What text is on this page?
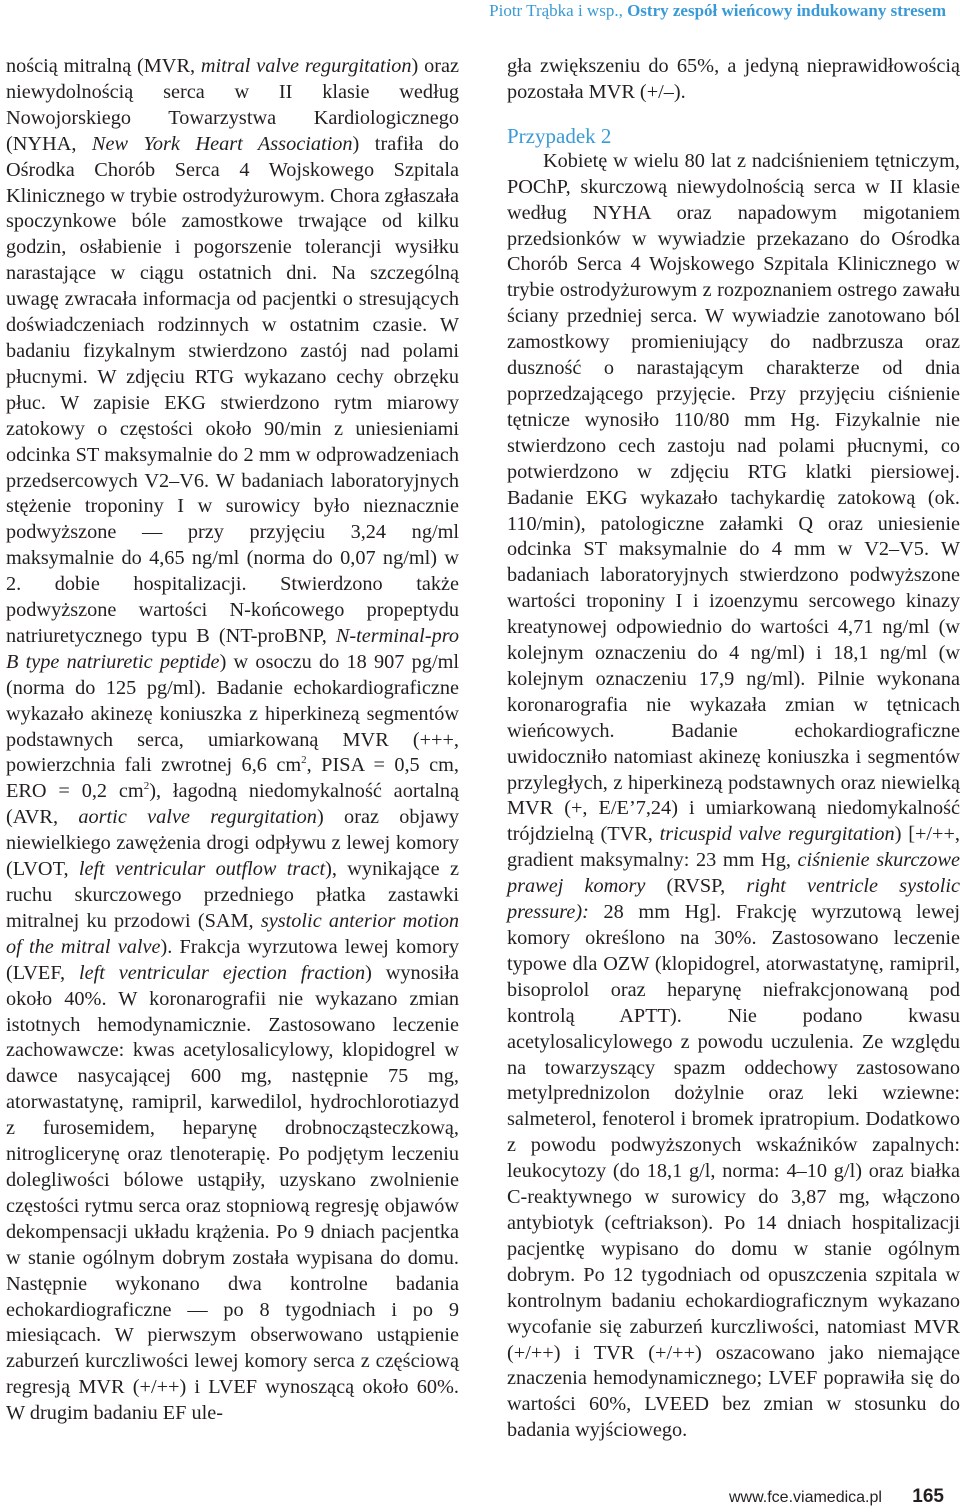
Piotr Trąbka i wsp., Ostry zespół wieńcowy indukowany stresem

nością mitralną (MVR, mitral valve regurgitation) oraz niewydolnością serca w II klasie według Nowojorskiego Towarzystwa Kardiologicznego (NYHA, New York Heart Association) trafiła do Ośrodka Chorób Serca 4 Wojskowego Szpitala Klinicznego w trybie ostrodyżurowym. Chora zgłaszała spoczynkowe bóle zamostkowe trwające od kilku godzin, osłabienie i pogorszenie tolerancji wysiłku narastające w ciągu ostatnich dni. Na szczególną uwagę zwracała informacja od pacjentki o stresujących doświadczeniach rodzinnych w ostatnim czasie. W badaniu fizykalnym stwierdzono zastój nad polami płucnymi. W zdjęciu RTG wykazano cechy obrzęku płuc. W zapisie EKG stwierdzono rytm miarowy zatokowy o częstości około 90/min z uniesieniami odcinka ST maksymalnie do 2 mm w odprowadzeniach przedsercowych V2–V6. W badaniach laboratoryjnych stężenie troponiny I w surowicy było nieznacznie podwyższone — przy przyjęciu 3,24 ng/ml maksymalnie do 4,65 ng/ml (norma do 0,07 ng/ml) w 2. dobie hospitalizacji. Stwierdzono także podwyższone wartości N-końcowego propeptydu natriuretycznego typu B (NT-proBNP, N-terminal-pro B type natriuretic peptide) w osoczu do 18 907 pg/ml (norma do 125 pg/ml). Badanie echokardiograficzne wykazało akinezę koniuszka z hiperkinezą segmentów podstawnych serca, umiarkowaną MVR (+++, powierzchnia fali zwrotnej 6,6 $cm^2$, PISA = 0,5 cm, ERO = 0,2 $cm^2$), łagodną niedomykalność aortalną (AVR, aortic valve regurgitation) oraz objawy niewielkiego zawężenia drogi odpływu z lewej komory (LVOT, left ventricular outflow tract), wynikające z ruchu skurczowego przedniego płatka zastawki mitralnej ku przodowi (SAM, systolic anterior motion of the mitral valve). Frakcja wyrzutowa lewej komory (LVEF, left ventricular ejection fraction) wynosiła około 40%. W koronarografii nie wykazano zmian istotnych hemodynamicznie. Zastosowano leczenie zachowawcze: kwas acetylosalicylowy, klopidogrel w dawce nasycającej 600 mg, następnie 75 mg, atorwastatynę, ramipril, karwedilol, hydrochlorotiazyd z furosemidem, heparynę drobnocząsteczkową, nitroglicerynę oraz tlenoterapię. Po podjętym leczeniu dolegliwości bólowe ustąpiły, uzyskano zwolnienie częstości rytmu serca oraz stopniową regresję objawów dekompensacji układu krążenia. Po 9 dniach pacjentka w stanie ogólnym dobrym została wypisana do domu. Następnie wykonano dwa kontrolne badania echokardiograficzne — po 8 tygodniach i po 9 miesiącach. W pierwszym obserwowano ustąpienie zaburzeń kurczliwości lewej komory serca z częściową regresją MVR (+/++) i LVEF wynoszącą około 60%. W drugim badaniu EF ule-

gła zwiększeniu do 65%, a jedyną nieprawidłowością pozostała MVR (+/–).

Przypadek 2

Kobietę w wielu 80 lat z nadciśnieniem tętniczym, POChP, skurczową niewydolnością serca w II klasie według NYHA oraz napadowym migotaniem przedsionków w wywiadzie przekazano do Ośrodka Chorób Serca 4 Wojskowego Szpitala Klinicznego w trybie ostrodyżurowym z rozpoznaniem ostrego zawału ściany przedniej serca. W wywiadzie zanotowano ból zamostkowy promieniujący do nadbrzusza oraz duszność o narastającym charakterze od dnia poprzedzającego przyjęcie. Przy przyjęciu ciśnienie tętnicze wynosiło 110/80 mm Hg. Fizykalnie nie stwierdzono cech zastoju nad polami płucnymi, co potwierdzono w zdjęciu RTG klatki piersiowej. Badanie EKG wykazało tachykardię zatokową (ok. 110/min), patologiczne załamki Q oraz uniesienie odcinka ST maksymalnie do 4 mm w V2–V5. W badaniach laboratoryjnych stwierdzono podwyższone wartości troponiny I i izoenzymu sercowego kinazy kreatynowej odpowiednio do wartości 4,71 ng/ml (w kolejnym oznaczeniu do 4 ng/ml) i 18,1 ng/ml (w kolejnym oznaczeniu 17,9 ng/ml). Pilnie wykonana koronarografia nie wykazała zmian w tętnicach wieńcowych. Badanie echokardiograficzne uwidoczniło natomiast akinezę koniuszka i segmentów przyległych, z hiperkinezą podstawnych oraz niewielką MVR (+, E/E’7,24) i umiarkowaną niedomykalność trójdzielną (TVR, tricuspid valve regurgitation) [+/++, gradient maksymalny: 23 mm Hg, ciśnienie skurczowe prawej komory (RVSP, right ventricle systolic pressure): 28 mm Hg]. Frakcję wyrzutową lewej komory określono na 30%. Zastosowano leczenie typowe dla OZW (klopidogrel, atorwastatynę, ramipril, bisoprolol oraz heparynę niefrakcjonowaną pod kontrolą APTT). Nie podano kwasu acetylosalicylowego z powodu uczulenia. Ze względu na towarzyszący spazm oddechowy zastosowano metylprednizolon dożylnie oraz leki wziewne: salmeterol, fenoterol i bromek ipratropium. Dodatkowo z powodu podwyższonych wskaźników zapalnych: leukocytozy (do 18,1 g/l, norma: 4–10 g/l) oraz białka C-reaktywnego w surowicy do 3,87 mg, włączono antybiotyk (ceftriakson). Po 14 dniach hospitalizacji pacjentkę wypisano do domu w stanie ogólnym dobrym. Po 12 tygodniach od opuszczenia szpitala w kontrolnym badaniu echokardiograficznym wykazano wycofanie się zaburzeń kurczliwości, natomiast MVR (+/++) i TVR (+/++) oszacowano jako niemające znaczenia hemodynamicznego; LVEF poprawiła się do wartości 60%, LVEED bez zmian w stosunku do badania wyjściowego.

www.fce.viamedica.pl 165
